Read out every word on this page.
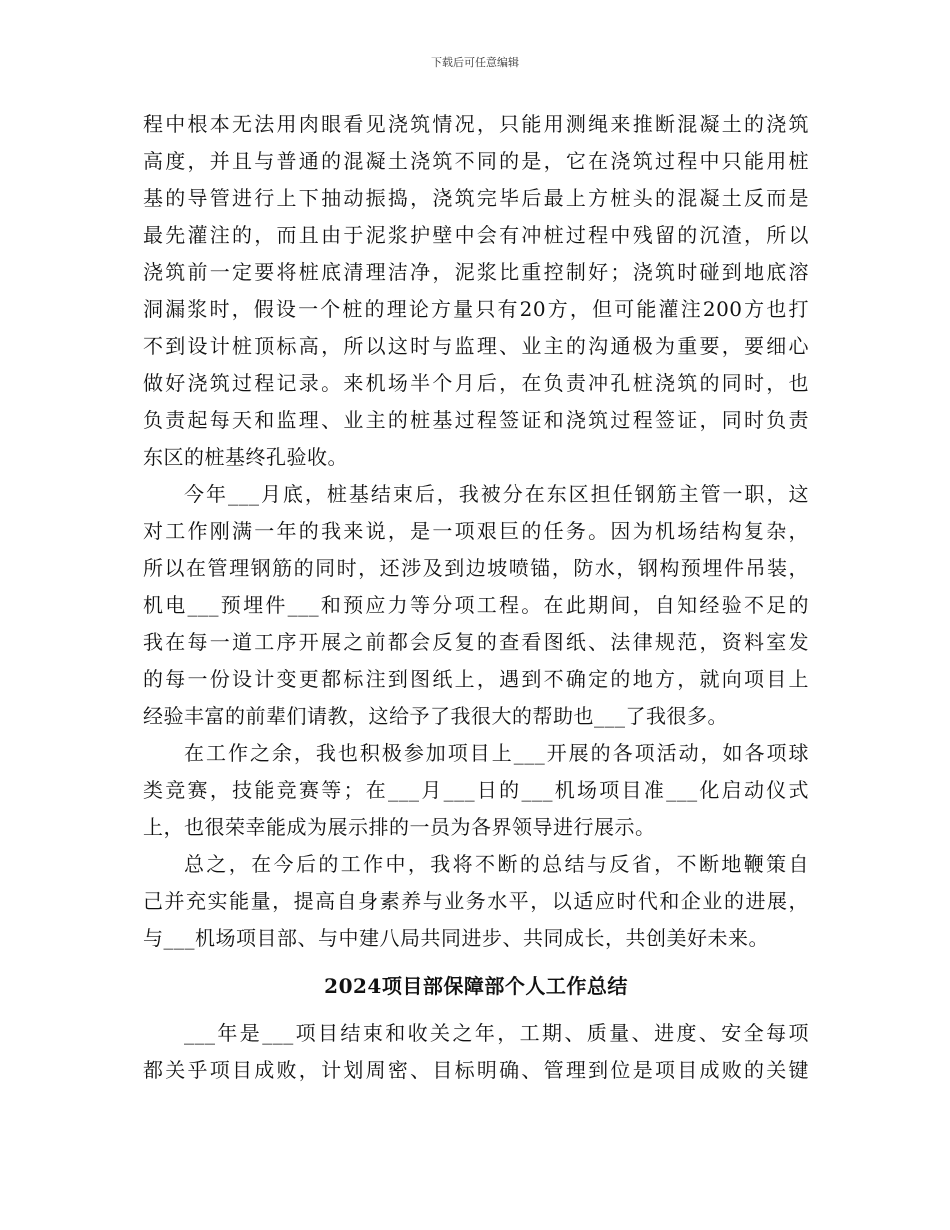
下载后可任意编辑
程中根本无法用肉眼看见浇筑情况，只能用测绳来推断混凝土的浇筑
高度，并且与普通的混凝土浇筑不同的是，它在浇筑过程中只能用桩
基的导管进行上下抽动振捣，浇筑完毕后最上方桩头的混凝土反而是
最先灌注的，而且由于泥浆护壁中会有冲桩过程中残留的沉渣，所以
浇筑前一定要将桩底清理洁净，泥浆比重控制好；浇筑时碰到地底溶
洞漏浆时，假设一个桩的理论方量只有20方，但可能灌注200方也打
不到设计桩顶标高，所以这时与监理、业主的沟通极为重要，要细心
做好浇筑过程记录。来机场半个月后，在负责冲孔桩浇筑的同时，也
负责起每天和监理、业主的桩基过程签证和浇筑过程签证，同时负责
东区的桩基终孔验收。
今年___月底，桩基结束后，我被分在东区担任钢筋主管一职，这
对工作刚满一年的我来说，是一项艰巨的任务。因为机场结构复杂，
所以在管理钢筋的同时，还涉及到边坡喷锚，防水，钢构预埋件吊装，
机电___预埋件___和预应力等分项工程。在此期间，自知经验不足的
我在每一道工序开展之前都会反复的查看图纸、法律规范，资料室发
的每一份设计变更都标注到图纸上，遇到不确定的地方，就向项目上
经验丰富的前辈们请教，这给予了我很大的帮助也___了我很多。
在工作之余，我也积极参加项目上___开展的各项活动，如各项球
类竞赛，技能竞赛等；在___月___日的___机场项目准___化启动仪式
上，也很荣幸能成为展示排的一员为各界领导进行展示。
总之，在今后的工作中，我将不断的总结与反省，不断地鞭策自
己并充实能量，提高自身素养与业务水平，以适应时代和企业的进展，
与___机场项目部、与中建八局共同进步、共同成长，共创美好未来。
2024项目部保障部个人工作总结
___年是___项目结束和收关之年，工期、质量、进度、安全每项
都关乎项目成败，计划周密、目标明确、管理到位是项目成败的关键
